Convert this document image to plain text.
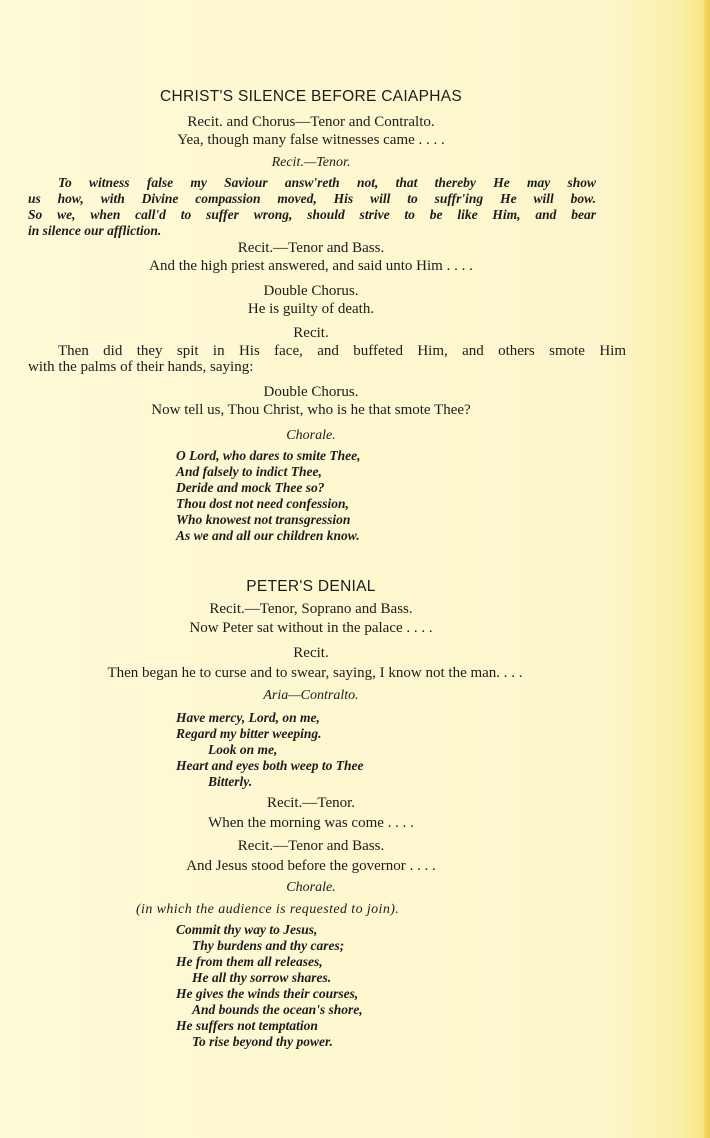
CHRIST'S SILENCE BEFORE CAIAPHAS
Recit. and Chorus—Tenor and Contralto.
Yea, though many false witnesses came . . . .
Recit.—Tenor.
To witness false my Saviour answ'reth not, that thereby He may show
us how, with Divine compassion moved, His will to suffr'ing He will bow.
So we, when call'd to suffer wrong, should strive to be like Him, and bear
in silence our affliction.
Recit.—Tenor and Bass.
And the high priest answered, and said unto Him . . . .
Double Chorus.
He is guilty of death.
Recit.
Then did they spit in His face, and buffeted Him, and others smote Him
with the palms of their hands, saying:
Double Chorus.
Now tell us, Thou Christ, who is he that smote Thee?
Chorale.
O Lord, who dares to smite Thee,
And falsely to indict Thee,
Deride and mock Thee so?
Thou dost not need confession,
Who knowest not transgression
As we and all our children know.
PETER'S DENIAL
Recit.—Tenor, Soprano and Bass.
Now Peter sat without in the palace . . . .
Recit.
Then began he to curse and to swear, saying, I know not the man. . . .
Aria—Contralto.
Have mercy, Lord, on me,
Regard my bitter weeping.
Look on me,
Heart and eyes both weep to Thee
Bitterly.
Recit.—Tenor.
When the morning was come . . . .
Recit.—Tenor and Bass.
And Jesus stood before the governor . . . .
Chorale.
(in which the audience is requested to join).
Commit thy way to Jesus,
Thy burdens and thy cares;
He from them all releases,
He all thy sorrow shares.
He gives the winds their courses,
And bounds the ocean's shore,
He suffers not temptation
To rise beyond thy power.
